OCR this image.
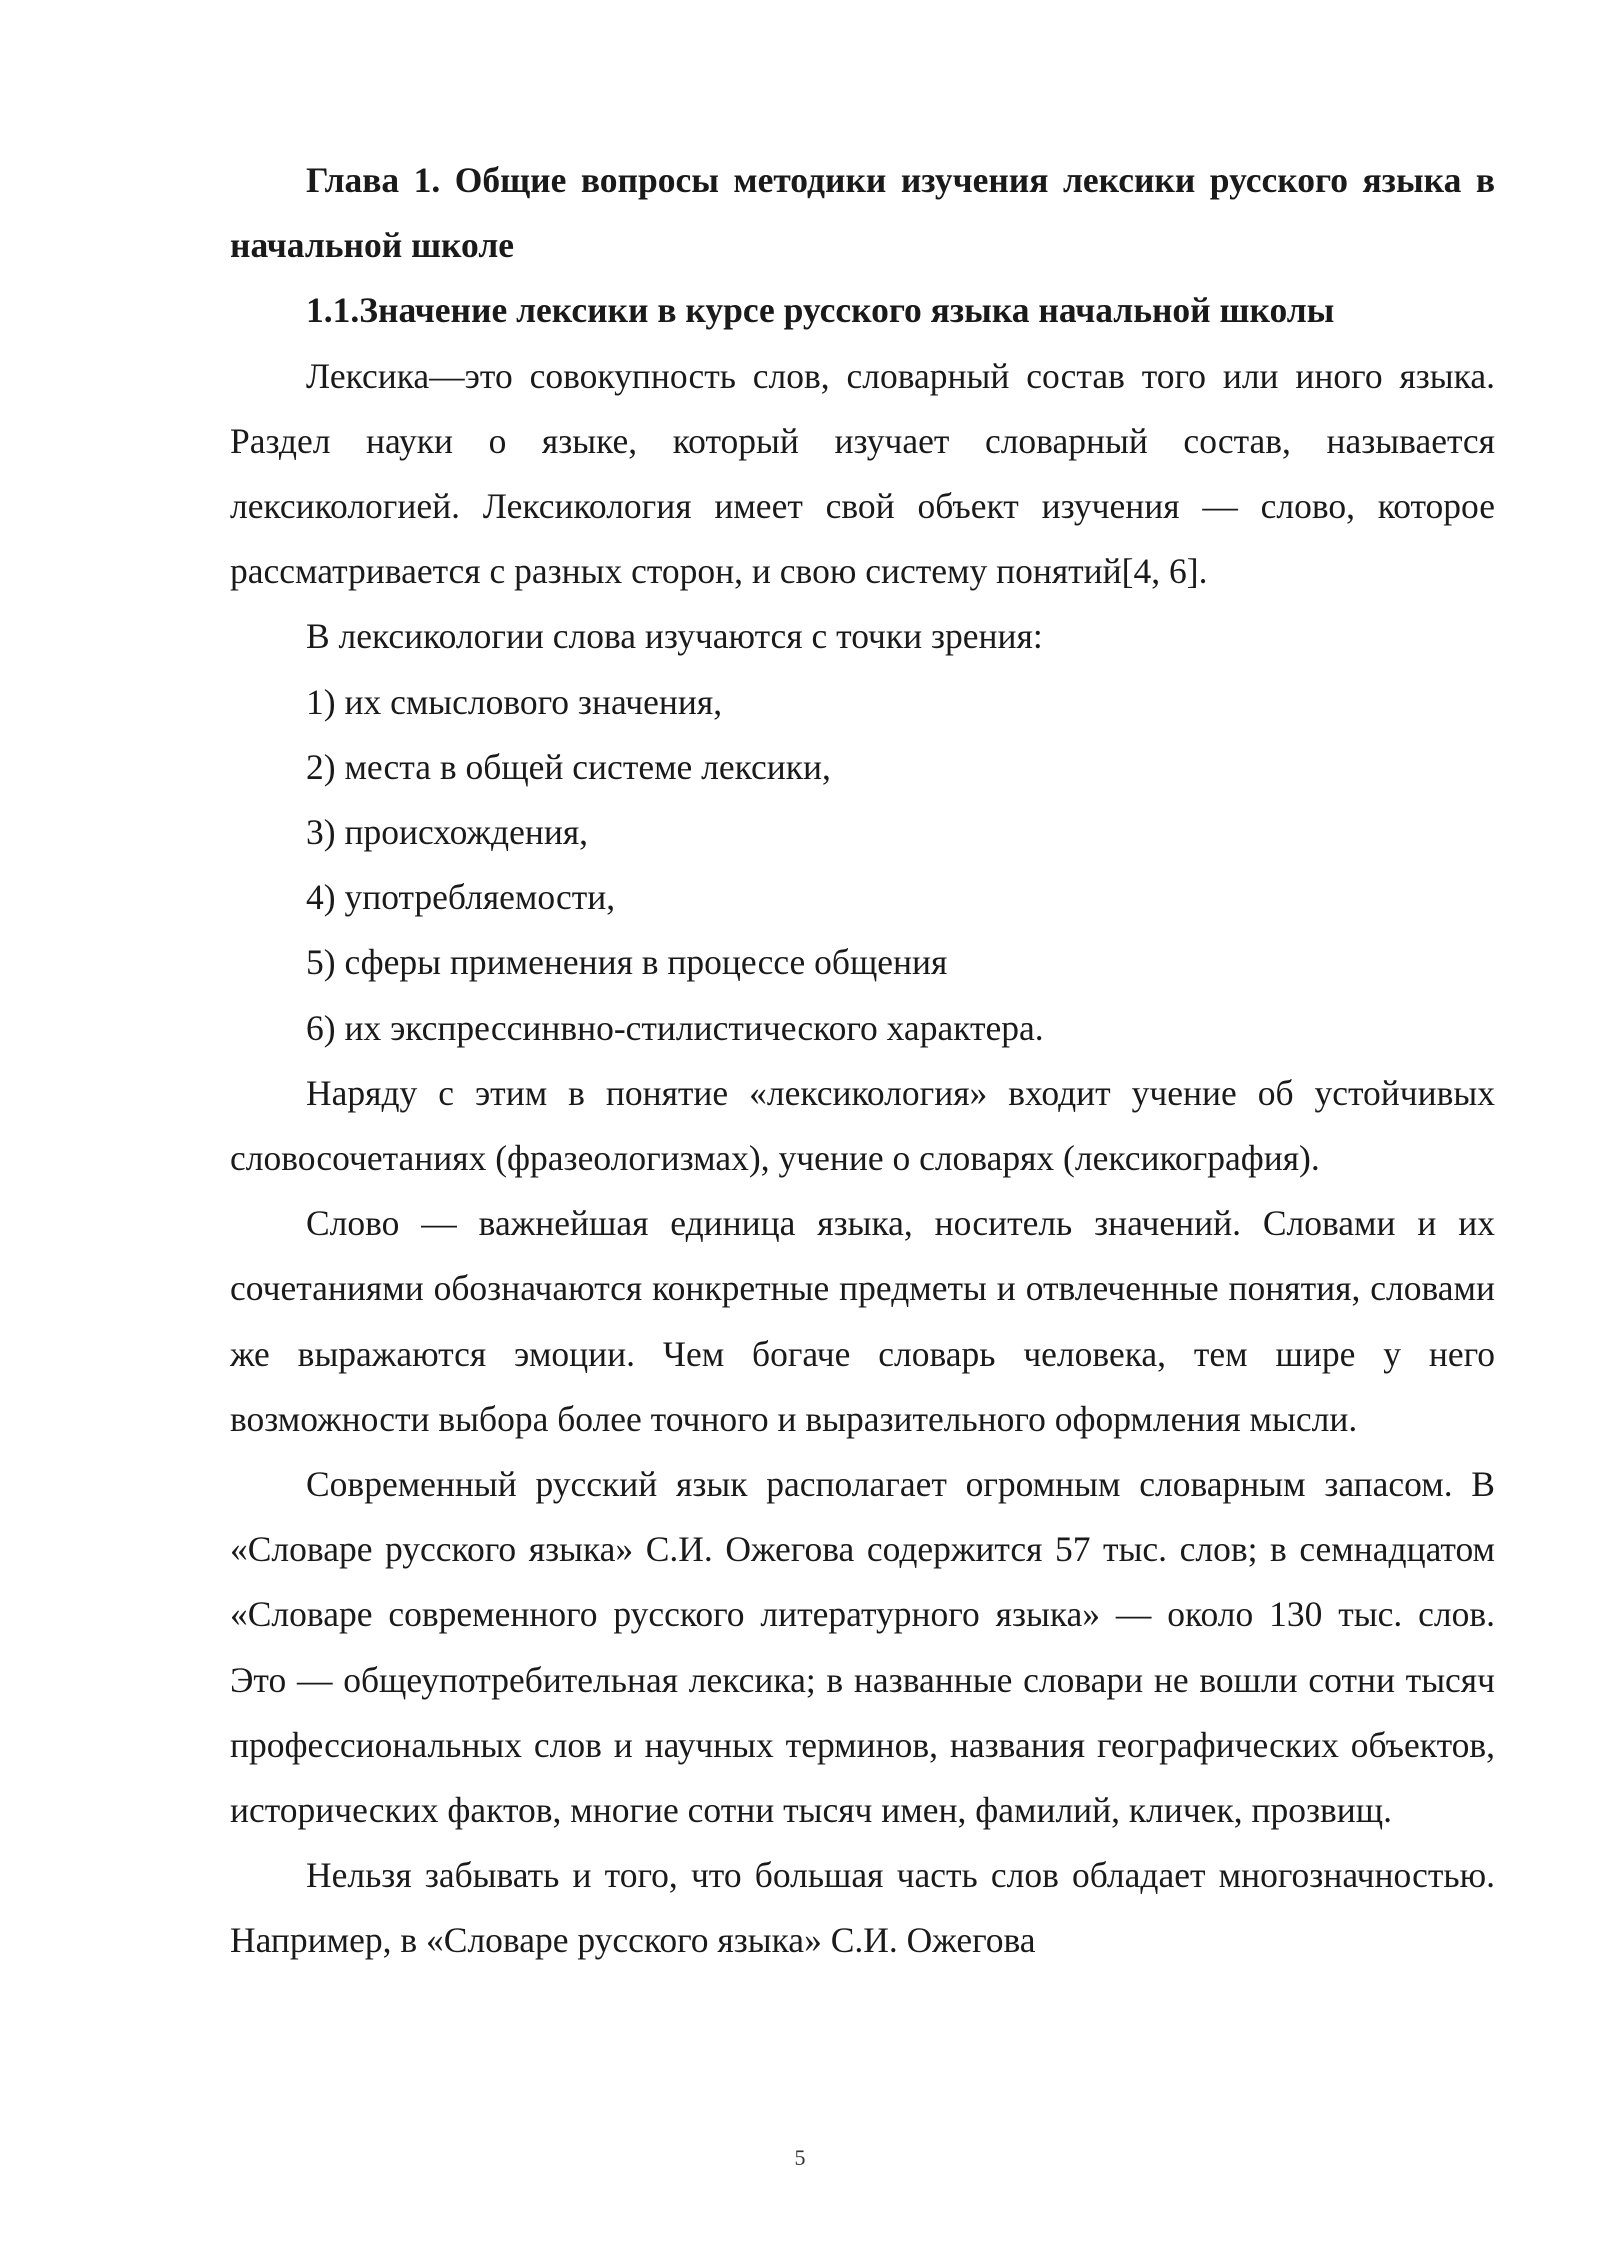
Глава 1. Общие вопросы методики изучения лексики русского языка в начальной школе

1.1.Значение лексики в курсе русского языка начальной школы

Лексика—это совокупность слов, словарный состав того или иного языка. Раздел науки о языке, который изучает словарный состав, называется лексикологией. Лексикология имеет свой объект изучения — слово, которое рассматривается с разных сторон, и свою систему понятий[4, 6].

В лексикологии слова изучаются с точки зрения:

1) их смыслового значения,

2) места в общей системе лексики,

3) происхождения,

4) употребляемости,

5) сферы применения в процессе общения

6) их экспрессинвно-стилистического характера.

Наряду с этим в понятие «лексикология» входит учение об устойчивых словосочетаниях (фразеологизмах), учение о словарях (лексикография).

Слово — важнейшая единица языка, носитель значений. Словами и их сочетаниями обозначаются конкретные предметы и отвлеченные понятия, словами же выражаются эмоции. Чем богаче словарь человека, тем шире у него возможности выбора более точного и выразительного оформления мысли.

Современный русский язык располагает огромным словарным запасом. В «Словаре русского языка» С.И. Ожегова содержится 57 тыс. слов; в семнадцатом «Словаре современного русского литературного языка» — около 130 тыс. слов. Это — общеупотребительная лексика; в названные словари не вошли сотни тысяч профессиональных слов и научных терминов, названия географических объектов, исторических фактов, многие сотни тысяч имен, фамилий, кличек, прозвищ.

Нельзя забывать и того, что большая часть слов обладает многозначностью. Например, в «Словаре русского языка» С.И. Ожегова

5
